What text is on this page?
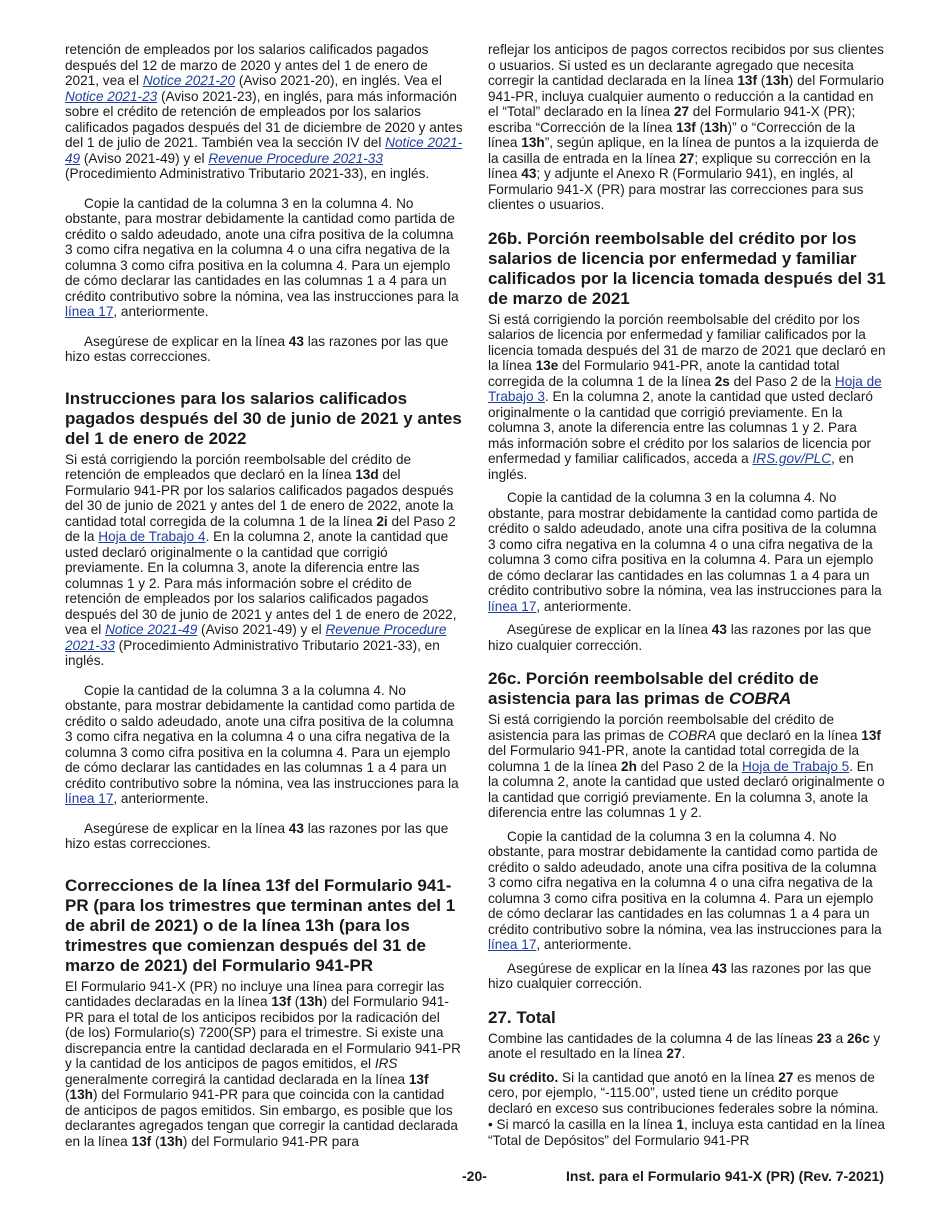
retención de empleados por los salarios calificados pagados después del 12 de marzo de 2020 y antes del 1 de enero de 2021, vea el Notice 2021-20 (Aviso 2021-20), en inglés. Vea el Notice 2021-23 (Aviso 2021-23), en inglés, para más información sobre el crédito de retención de empleados por los salarios calificados pagados después del 31 de diciembre de 2020 y antes del 1 de julio de 2021. También vea la sección IV del Notice 2021-49 (Aviso 2021-49) y el Revenue Procedure 2021-33 (Procedimiento Administrativo Tributario 2021-33), en inglés.

Copie la cantidad de la columna 3 en la columna 4. No obstante, para mostrar debidamente la cantidad como partida de crédito o saldo adeudado, anote una cifra positiva de la columna 3 como cifra negativa en la columna 4 o una cifra negativa de la columna 3 como cifra positiva en la columna 4. Para un ejemplo de cómo declarar las cantidades en las columnas 1 a 4 para un crédito contributivo sobre la nómina, vea las instrucciones para la línea 17, anteriormente.

Asegúrese de explicar en la línea 43 las razones por las que hizo estas correcciones.

Instrucciones para los salarios calificados pagados después del 30 de junio de 2021 y antes del 1 de enero de 2022

Si está corrigiendo la porción reembolsable del crédito de retención de empleados que declaró en la línea 13d del Formulario 941-PR por los salarios calificados pagados después del 30 de junio de 2021 y antes del 1 de enero de 2022, anote la cantidad total corregida de la columna 1 de la línea 2i del Paso 2 de la Hoja de Trabajo 4. En la columna 2, anote la cantidad que usted declaró originalmente o la cantidad que corrigió previamente. En la columna 3, anote la diferencia entre las columnas 1 y 2. Para más información sobre el crédito de retención de empleados por los salarios calificados pagados después del 30 de junio de 2021 y antes del 1 de enero de 2022, vea el Notice 2021-49 (Aviso 2021-49) y el Revenue Procedure 2021-33 (Procedimiento Administrativo Tributario 2021-33), en inglés.

Copie la cantidad de la columna 3 a la columna 4. No obstante, para mostrar debidamente la cantidad como partida de crédito o saldo adeudado, anote una cifra positiva de la columna 3 como cifra negativa en la columna 4 o una cifra negativa de la columna 3 como cifra positiva en la columna 4. Para un ejemplo de cómo declarar las cantidades en las columnas 1 a 4 para un crédito contributivo sobre la nómina, vea las instrucciones para la línea 17, anteriormente.

Asegúrese de explicar en la línea 43 las razones por las que hizo estas correcciones.

Correcciones de la línea 13f del Formulario 941-PR (para los trimestres que terminan antes del 1 de abril de 2021) o de la línea 13h (para los trimestres que comienzan después del 31 de marzo de 2021) del Formulario 941-PR

El Formulario 941-X (PR) no incluye una línea para corregir las cantidades declaradas en la línea 13f (13h) del Formulario 941-PR para el total de los anticipos recibidos por la radicación del (de los) Formulario(s) 7200(SP) para el trimestre. Si existe una discrepancia entre la cantidad declarada en el Formulario 941-PR y la cantidad de los anticipos de pagos emitidos, el IRS generalmente corregirá la cantidad declarada en la línea 13f (13h) del Formulario 941-PR para que coincida con la cantidad de anticipos de pagos emitidos. Sin embargo, es posible que los declarantes agregados tengan que corregir la cantidad declarada en la línea 13f (13h) del Formulario 941-PR para

reflejar los anticipos de pagos correctos recibidos por sus clientes o usuarios. Si usted es un declarante agregado que necesita corregir la cantidad declarada en la línea 13f (13h) del Formulario 941-PR, incluya cualquier aumento o reducción a la cantidad en el “Total” declarado en la línea 27 del Formulario 941-X (PR); escriba “Corrección de la línea 13f (13h)” o “Corrección de la línea 13h”, según aplique, en la línea de puntos a la izquierda de la casilla de entrada en la línea 27; explique su corrección en la línea 43; y adjunte el Anexo R (Formulario 941), en inglés, al Formulario 941-X (PR) para mostrar las correcciones para sus clientes o usuarios.

26b. Porción reembolsable del crédito por los salarios de licencia por enfermedad y familiar calificados por la licencia tomada después del 31 de marzo de 2021

Si está corrigiendo la porción reembolsable del crédito por los salarios de licencia por enfermedad y familiar calificados por la licencia tomada después del 31 de marzo de 2021 que declaró en la línea 13e del Formulario 941-PR, anote la cantidad total corregida de la columna 1 de la línea 2s del Paso 2 de la Hoja de Trabajo 3. En la columna 2, anote la cantidad que usted declaró originalmente o la cantidad que corrigió previamente. En la columna 3, anote la diferencia entre las columnas 1 y 2. Para más información sobre el crédito por los salarios de licencia por enfermedad y familiar calificados, acceda a IRS.gov/PLC, en inglés.

Copie la cantidad de la columna 3 en la columna 4. No obstante, para mostrar debidamente la cantidad como partida de crédito o saldo adeudado, anote una cifra positiva de la columna 3 como cifra negativa en la columna 4 o una cifra negativa de la columna 3 como cifra positiva en la columna 4. Para un ejemplo de cómo declarar las cantidades en las columnas 1 a 4 para un crédito contributivo sobre la nómina, vea las instrucciones para la línea 17, anteriormente.

Asegúrese de explicar en la línea 43 las razones por las que hizo cualquier corrección.

26c. Porción reembolsable del crédito de asistencia para las primas de COBRA

Si está corrigiendo la porción reembolsable del crédito de asistencia para las primas de COBRA que declaró en la línea 13f del Formulario 941-PR, anote la cantidad total corregida de la columna 1 de la línea 2h del Paso 2 de la Hoja de Trabajo 5. En la columna 2, anote la cantidad que usted declaró originalmente o la cantidad que corrigió previamente. En la columna 3, anote la diferencia entre las columnas 1 y 2.

Copie la cantidad de la columna 3 en la columna 4. No obstante, para mostrar debidamente la cantidad como partida de crédito o saldo adeudado, anote una cifra positiva de la columna 3 como cifra negativa en la columna 4 o una cifra negativa de la columna 3 como cifra positiva en la columna 4. Para un ejemplo de cómo declarar las cantidades en las columnas 1 a 4 para un crédito contributivo sobre la nómina, vea las instrucciones para la línea 17, anteriormente.

Asegúrese de explicar en la línea 43 las razones por las que hizo cualquier corrección.

27. Total

Combine las cantidades de la columna 4 de las líneas 23 a 26c y anote el resultado en la línea 27.

Su crédito. Si la cantidad que anotó en la línea 27 es menos de cero, por ejemplo, “-115.00”, usted tiene un crédito porque declaró en exceso sus contribuciones federales sobre la nómina.

• Si marcó la casilla en la línea 1, incluya esta cantidad en la línea “Total de Depósitos” del Formulario 941-PR

-20-	Inst. para el Formulario 941-X (PR) (Rev. 7-2021)
